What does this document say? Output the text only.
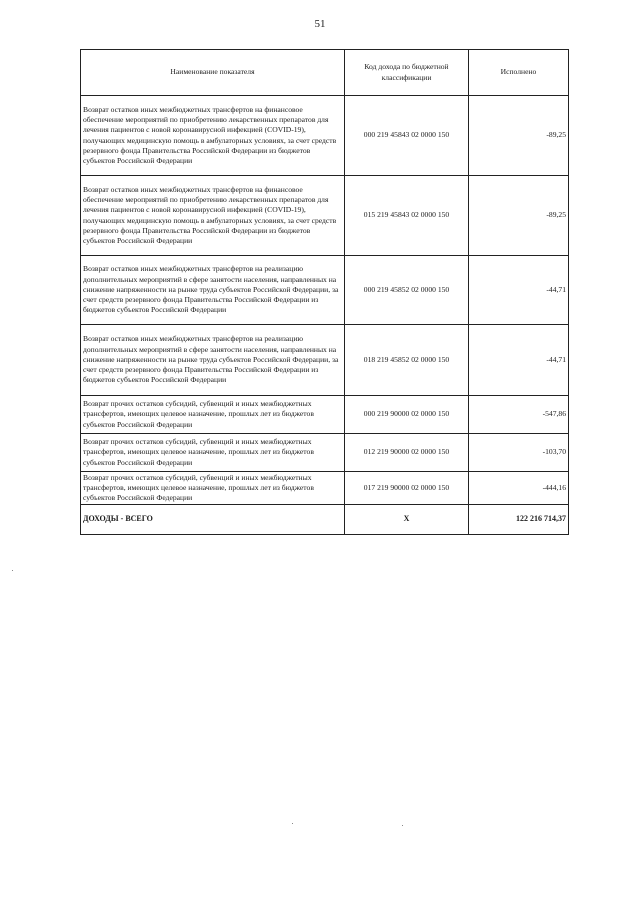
51
Наименование показателя	Код дохода по бюджетной классификации	Исполнено
Возврат остатков иных межбюджетных трансфертов на финансовое обеспечение мероприятий по приобретению лекарственных препаратов для лечения пациентов с новой коронавирусной инфекцией (COVID-19), получающих медицинскую помощь в амбулаторных условиях, за счет средств резервного фонда Правительства Российской Федерации из бюджетов субъектов Российской Федерации	000 219 45843 02 0000 150	-89,25
Возврат остатков иных межбюджетных трансфертов на финансовое обеспечение мероприятий по приобретению лекарственных препаратов для лечения пациентов с новой коронавирусной инфекцией (COVID-19), получающих медицинскую помощь в амбулаторных условиях, за счет средств резервного фонда Правительства Российской Федерации из бюджетов субъектов Российской Федерации	015 219 45843 02 0000 150	-89,25
Возврат остатков иных межбюджетных трансфертов на реализацию дополнительных мероприятий в сфере занятости населения, направленных на снижение напряженности на рынке труда субъектов Российской Федерации, за счет средств резервного фонда Правительства Российской Федерации из бюджетов субъектов Российской Федерации	000 219 45852 02 0000 150	-44,71
Возврат остатков иных межбюджетных трансфертов на реализацию дополнительных мероприятий в сфере занятости населения, направленных на снижение напряженности на рынке труда субъектов Российской Федерации, за счет средств резервного фонда Правительства Российской Федерации из бюджетов субъектов Российской Федерации	018 219 45852 02 0000 150	-44,71
Возврат прочих остатков субсидий, субвенций и иных межбюджетных трансфертов, имеющих целевое назначение, прошлых лет из бюджетов субъектов Российской Федерации	000 219 90000 02 0000 150	-547,86
Возврат прочих остатков субсидий, субвенций и иных межбюджетных трансфертов, имеющих целевое назначение, прошлых лет из бюджетов субъектов Российской Федерации	012 219 90000 02 0000 150	-103,70
Возврат прочих остатков субсидий, субвенций и иных межбюджетных трансфертов, имеющих целевое назначение, прошлых лет из бюджетов субъектов Российской Федерации	017 219 90000 02 0000 150	-444,16
ДОХОДЫ - ВСЕГО	X	122 216 714,37
